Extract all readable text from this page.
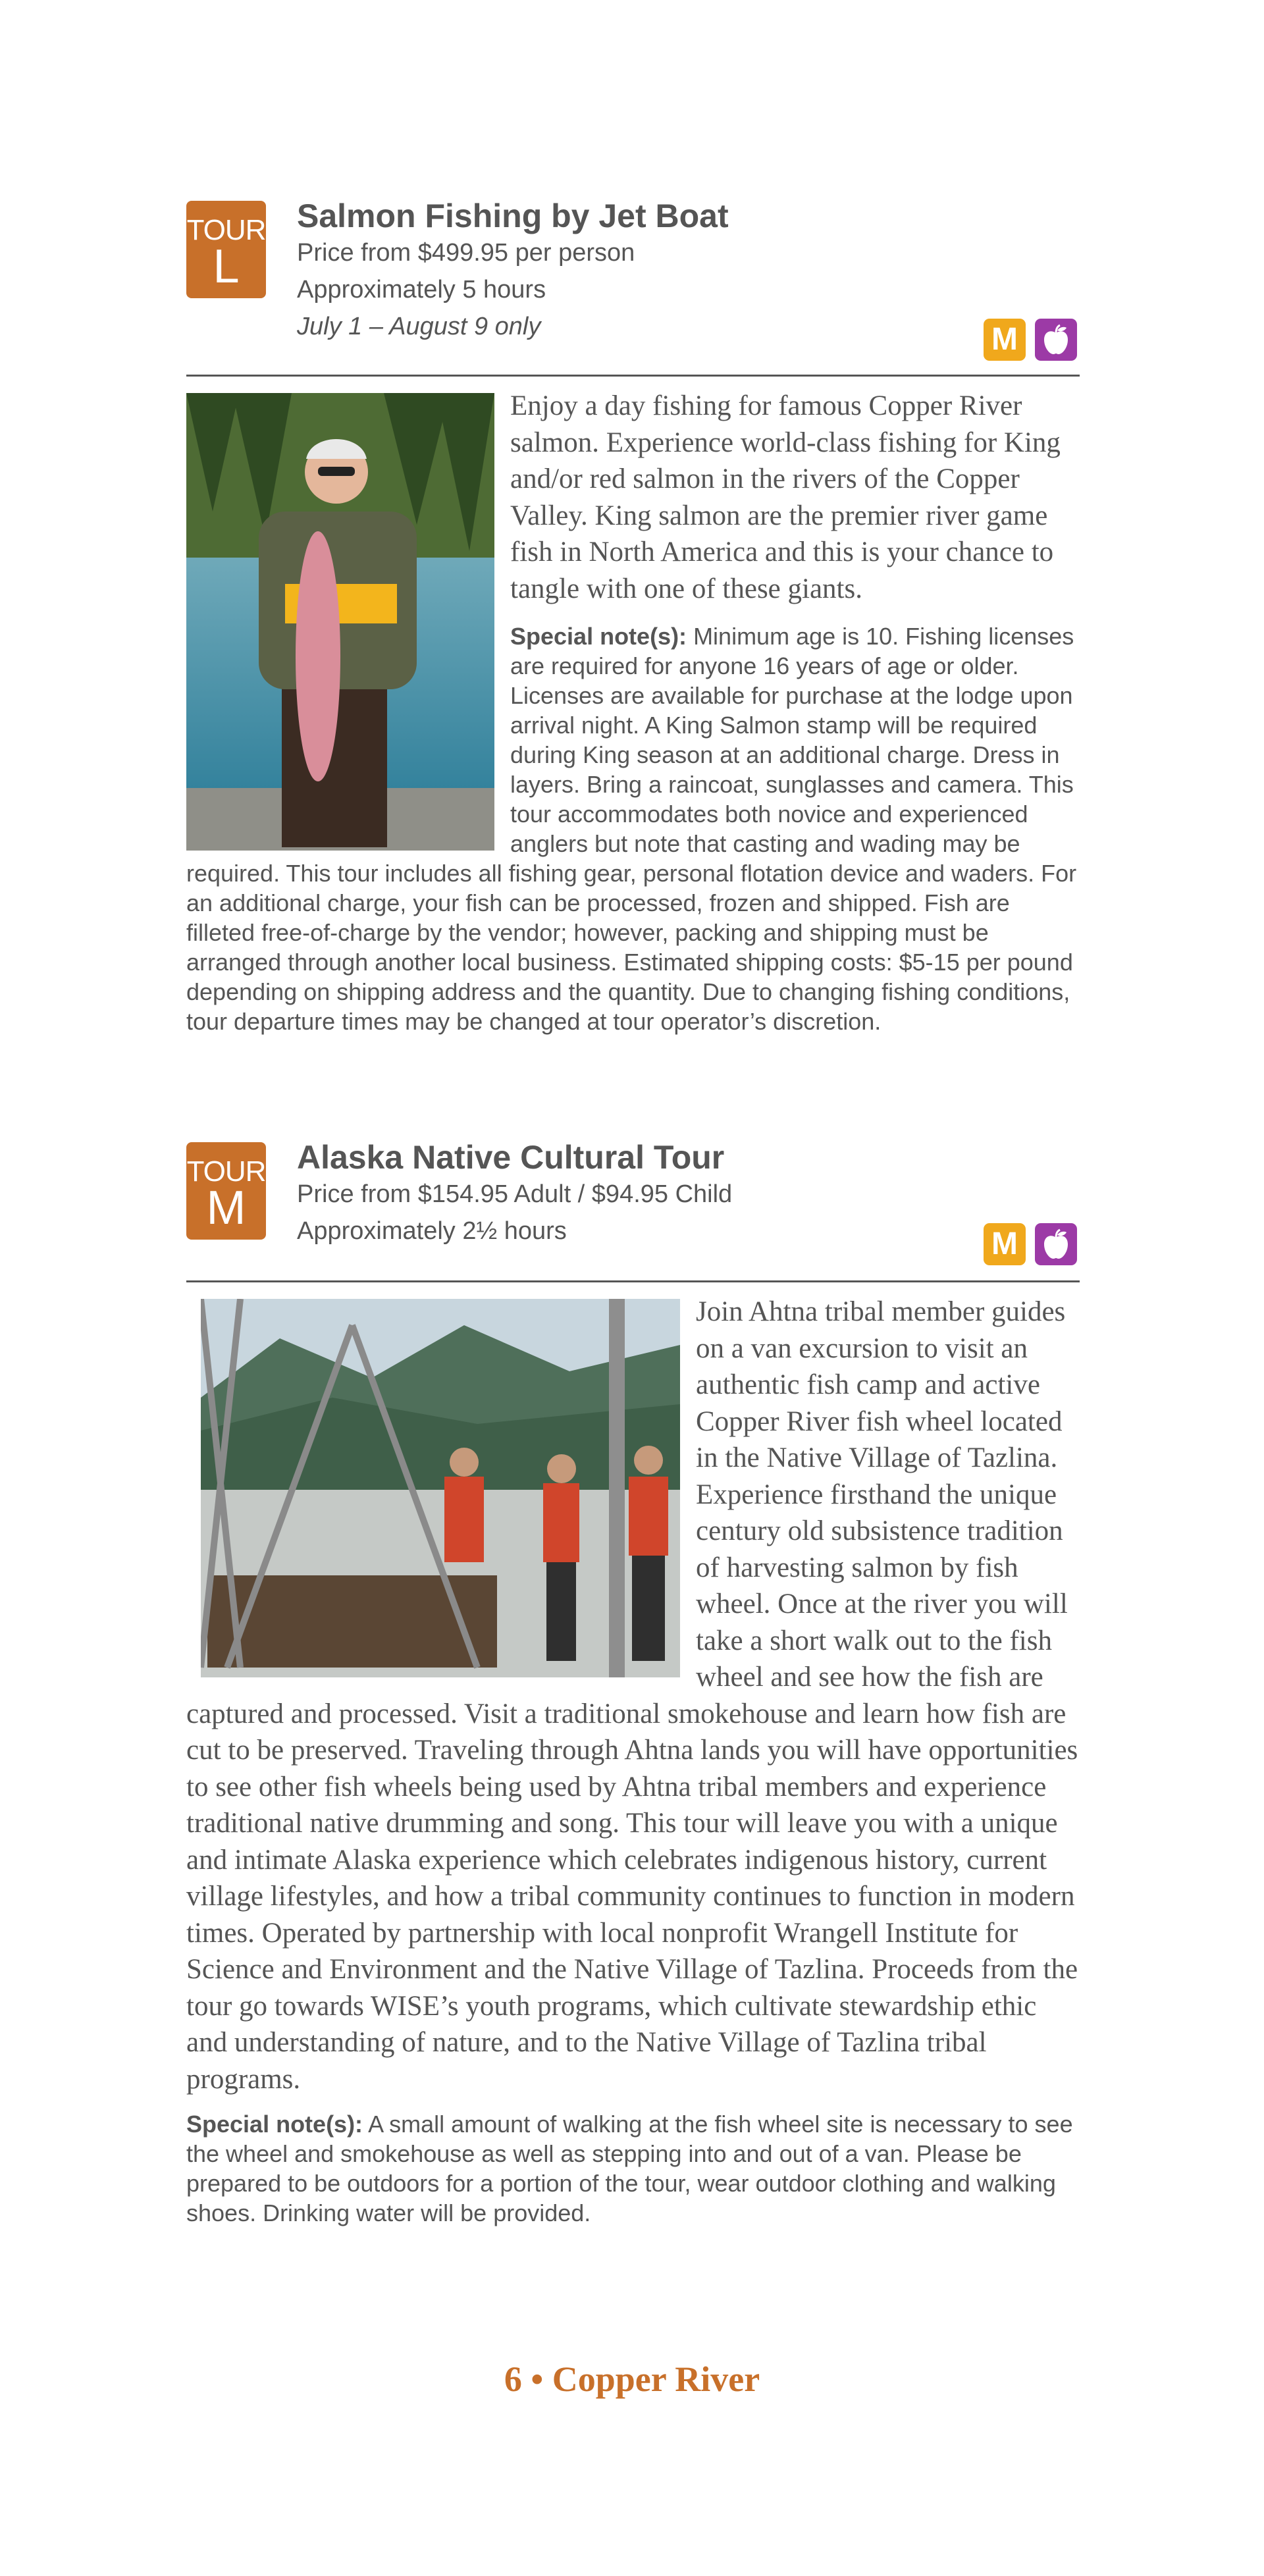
TOUR
L
Salmon Fishing by Jet Boat
Price from $499.95 per person
Approximately 5 hours
July 1 – August 9 only	M

Enjoy a day fishing for famous Copper River salmon. Experience world-class fishing for King and/or red salmon in the rivers of the Copper Valley. King salmon are the premier river game fish in North America and this is your chance to tangle with one of these giants.

Special note(s): Minimum age is 10. Fishing licenses are required for anyone 16 years of age or older. Licenses are available for purchase at the lodge upon arrival night. A King Salmon stamp will be required during King season at an additional charge. Dress in layers. Bring a raincoat, sunglasses and camera. This tour accommodates both novice and experienced anglers but note that casting and wading may be required. This tour includes all fishing gear, personal flotation device and waders. For an additional charge, your fish can be processed, frozen and shipped. Fish are filleted free-of-charge by the vendor; however, packing and shipping must be arranged through another local business. Estimated shipping costs: $5-15 per pound depending on shipping address and the quantity. Due to changing fishing conditions, tour departure times may be changed at tour operator’s discretion.

TOUR
M
Alaska Native Cultural Tour
Price from $154.95 Adult / $94.95 Child
Approximately 2½ hours	M

Join Ahtna tribal member guides on a van excursion to visit an authentic fish camp and active Copper River fish wheel located in the Native Village of Tazlina. Experience firsthand the unique century old subsistence tradition of harvesting salmon by fish wheel. Once at the river you will take a short walk out to the fish wheel and see how the fish are captured and processed. Visit a traditional smokehouse and learn how fish are cut to be preserved. Traveling through Ahtna lands you will have opportunities to see other fish wheels being used by Ahtna tribal members and experience traditional native drumming and song. This tour will leave you with a unique and intimate Alaska experience which celebrates indigenous history, current village lifestyles, and how a tribal community continues to function in modern times. Operated by partnership with local nonprofit Wrangell Institute for Science and Environment and the Native Village of Tazlina. Proceeds from the tour go towards WISE’s youth programs, which cultivate stewardship ethic and understanding of nature, and to the Native Village of Tazlina tribal programs.

Special note(s): A small amount of walking at the fish wheel site is necessary to see the wheel and smokehouse as well as stepping into and out of a van. Please be prepared to be outdoors for a portion of the tour, wear outdoor clothing and walking shoes. Drinking water will be provided.

6 • Copper River
